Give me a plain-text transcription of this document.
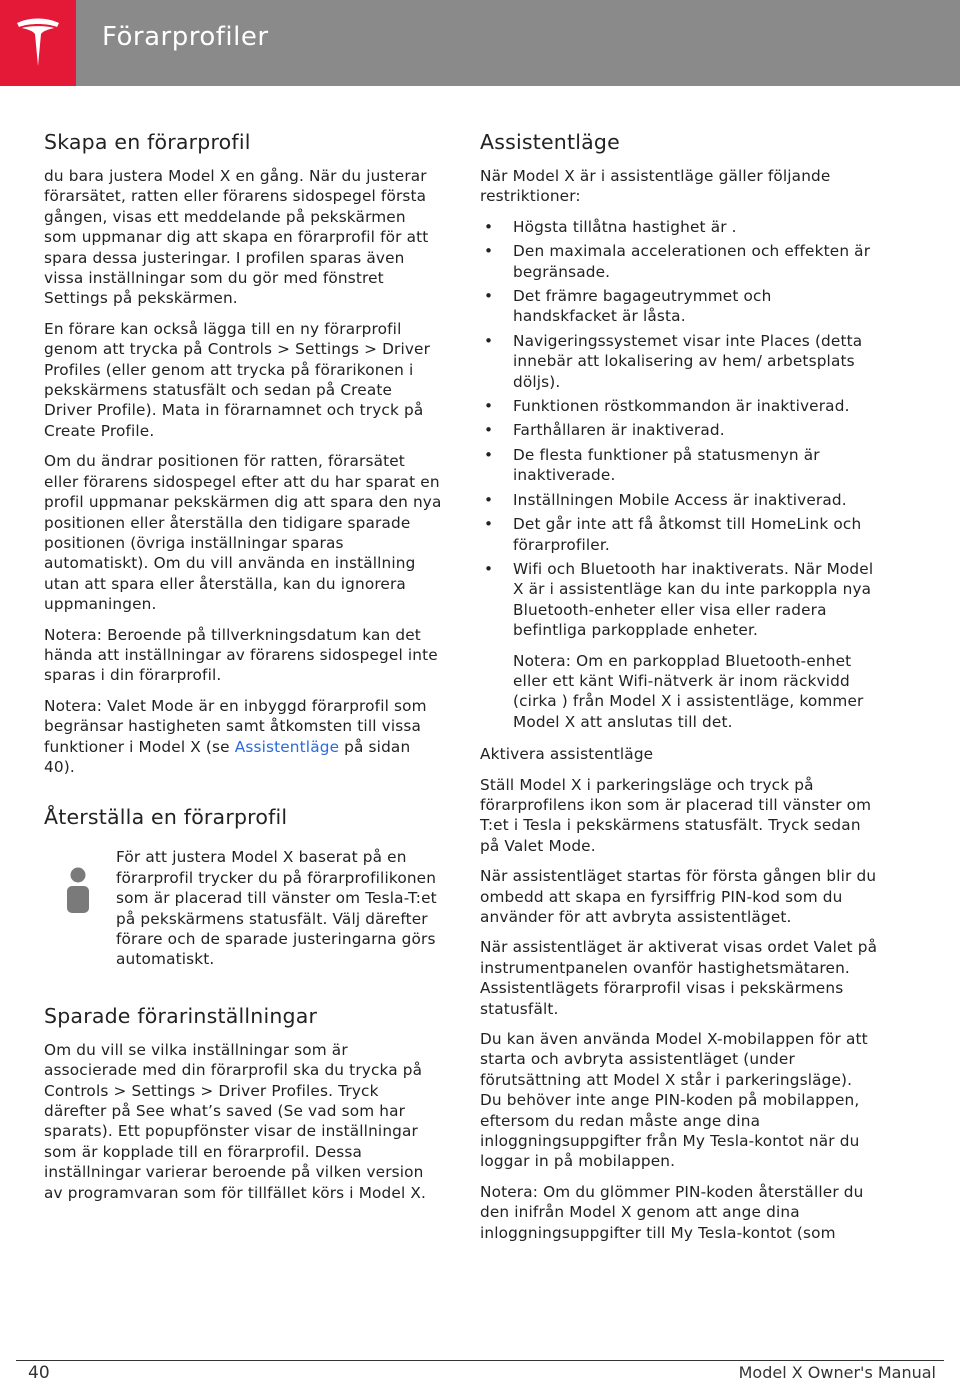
Förarprofiler
Skapa en förarprofil

du bara justera Model X en gång. När du justerar förarsätet, ratten eller förarens sidospegel första gången, visas ett meddelande på pekskärmen som uppmanar dig att skapa en förarprofil för att spara dessa justeringar. I profilen sparas även vissa inställningar som du gör med fönstret Settings på pekskärmen.

En förare kan också lägga till en ny förarprofil genom att trycka på Controls > Settings > Driver Profiles (eller genom att trycka på förarikonen i pekskärmens statusfält och sedan på Create Driver Profile). Mata in förarnamnet och tryck på Create Profile.

Om du ändrar positionen för ratten, förarsätet eller förarens sidospegel efter att du har sparat en profil uppmanar pekskärmen dig att spara den nya positionen eller återställa den tidigare sparade positionen (övriga inställningar sparas automatiskt). Om du vill använda en inställning utan att spara eller återställa, kan du ignorera uppmaningen.

Notera: Beroende på tillverkningsdatum kan det hända att inställningar av förarens sidospegel inte sparas i din förarprofil.

Notera: Valet Mode är en inbyggd förarprofil som begränsar hastigheten samt åtkomsten till vissa funktioner i Model X (se Assistentläge på sidan 40).

Återställa en förarprofil

För att justera Model X baserat på en förarprofil trycker du på förarprofilikonen som är placerad till vänster om Tesla-T:et på pekskärmens statusfält. Välj därefter förare och de sparade justeringarna görs automatiskt.

Sparade förarinställningar

Om du vill se vilka inställningar som är associerade med din förarprofil ska du trycka på Controls > Settings > Driver Profiles. Tryck därefter på See what’s saved (Se vad som har sparats). Ett popupfönster visar de inställningar som är kopplade till en förarprofil. Dessa inställningar varierar beroende på vilken version av programvaran som för tillfället körs i Model X.

Assistentläge

När Model X är i assistentläge gäller följande restriktioner:

• Högsta tillåtna hastighet är .
• Den maximala accelerationen och effekten är begränsade.
• Det främre bagageutrymmet och handskfacket är låsta.
• Navigeringssystemet visar inte Places (detta innebär att lokalisering av hem/ arbetsplats döljs).
• Funktionen röstkommandon är inaktiverad.
• Farthållaren är inaktiverad.
• De flesta funktioner på statusmenyn är inaktiverade.
• Inställningen Mobile Access är inaktiverad.
• Det går inte att få åtkomst till HomeLink och förarprofiler.
• Wifi och Bluetooth har inaktiverats. När Model X är i assistentläge kan du inte parkoppla nya Bluetooth-enheter eller visa eller radera befintliga parkopplade enheter.
Notera: Om en parkopplad Bluetooth-enhet eller ett känt Wifi-nätverk är inom räckvidd (cirka ) från Model X i assistentläge, kommer Model X att anslutas till det.

Aktivera assistentläge

Ställ Model X i parkeringsläge och tryck på förarprofilens ikon som är placerad till vänster om T:et i Tesla i pekskärmens statusfält. Tryck sedan på Valet Mode.

När assistentläget startas för första gången blir du ombedd att skapa en fyrsiffrig PIN-kod som du använder för att avbryta assistentläget.

När assistentläget är aktiverat visas ordet Valet på instrumentpanelen ovanför hastighetsmätaren. Assistentlägets förarprofil visas i pekskärmens statusfält.

Du kan även använda Model X-mobilappen för att starta och avbryta assistentläget (under förutsättning att Model X står i parkeringsläge). Du behöver inte ange PIN-koden på mobilappen, eftersom du redan måste ange dina inloggningsuppgifter från My Tesla-kontot när du loggar in på mobilappen.

Notera: Om du glömmer PIN-koden återställer du den inifrån Model X genom att ange dina inloggningsuppgifter till My Tesla-kontot (som

40	Model X Owner's Manual
